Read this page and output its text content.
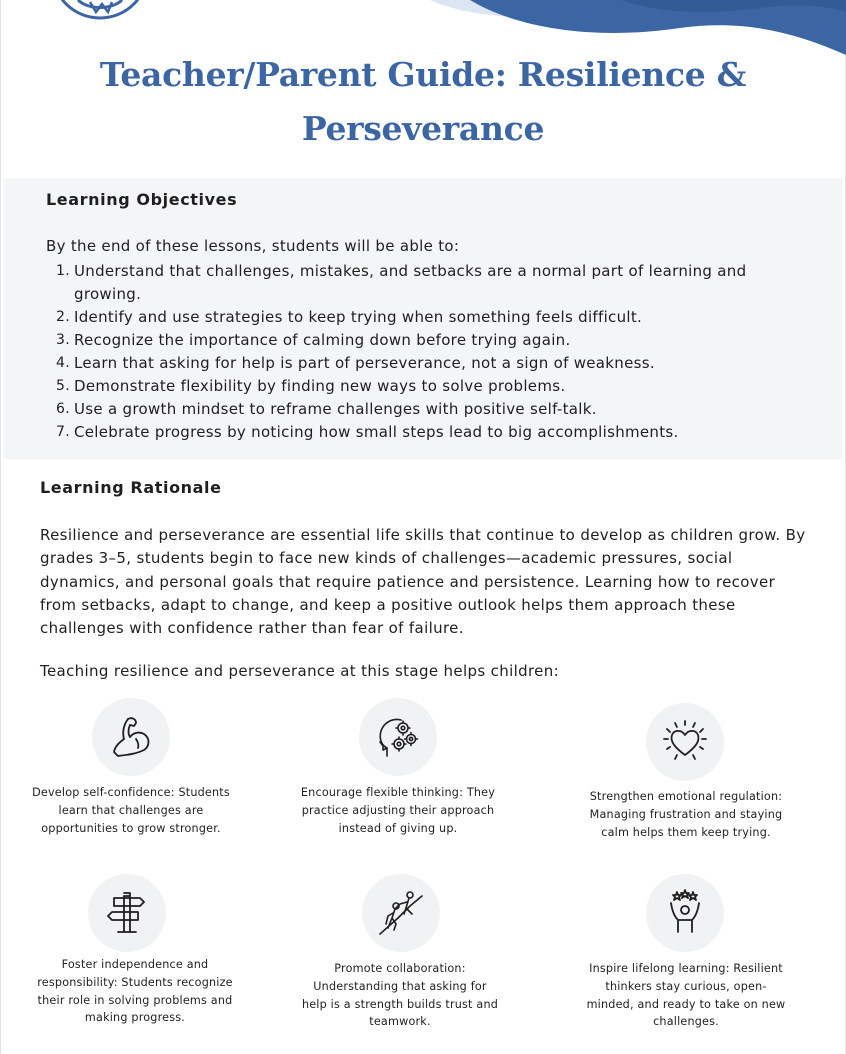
Teacher/Parent Guide: Resilience & Perseverance
Learning Objectives

By the end of these lessons, students will be able to:

1. Understand that challenges, mistakes, and setbacks are a normal part of learning and growing.
2. Identify and use strategies to keep trying when something feels difficult.
3. Recognize the importance of calming down before trying again.
4. Learn that asking for help is part of perseverance, not a sign of weakness.
5. Demonstrate flexibility by finding new ways to solve problems.
6. Use a growth mindset to reframe challenges with positive self-talk.
7. Celebrate progress by noticing how small steps lead to big accomplishments.
Learning Rationale

Resilience and perseverance are essential life skills that continue to develop as children grow. By grades 3–5, students begin to face new kinds of challenges—academic pressures, social dynamics, and personal goals that require patience and persistence. Learning how to recover from setbacks, adapt to change, and keep a positive outlook helps them approach these challenges with confidence rather than fear of failure.

Teaching resilience and perseverance at this stage helps children:

Develop self-confidence: Students learn that challenges are opportunities to grow stronger.

Encourage flexible thinking: They practice adjusting their approach instead of giving up.

Strengthen emotional regulation: Managing frustration and staying calm helps them keep trying.

Foster independence and responsibility: Students recognize their role in solving problems and making progress.

Promote collaboration: Understanding that asking for help is a strength builds trust and teamwork.

Inspire lifelong learning: Resilient thinkers stay curious, open-minded, and ready to take on new challenges.
